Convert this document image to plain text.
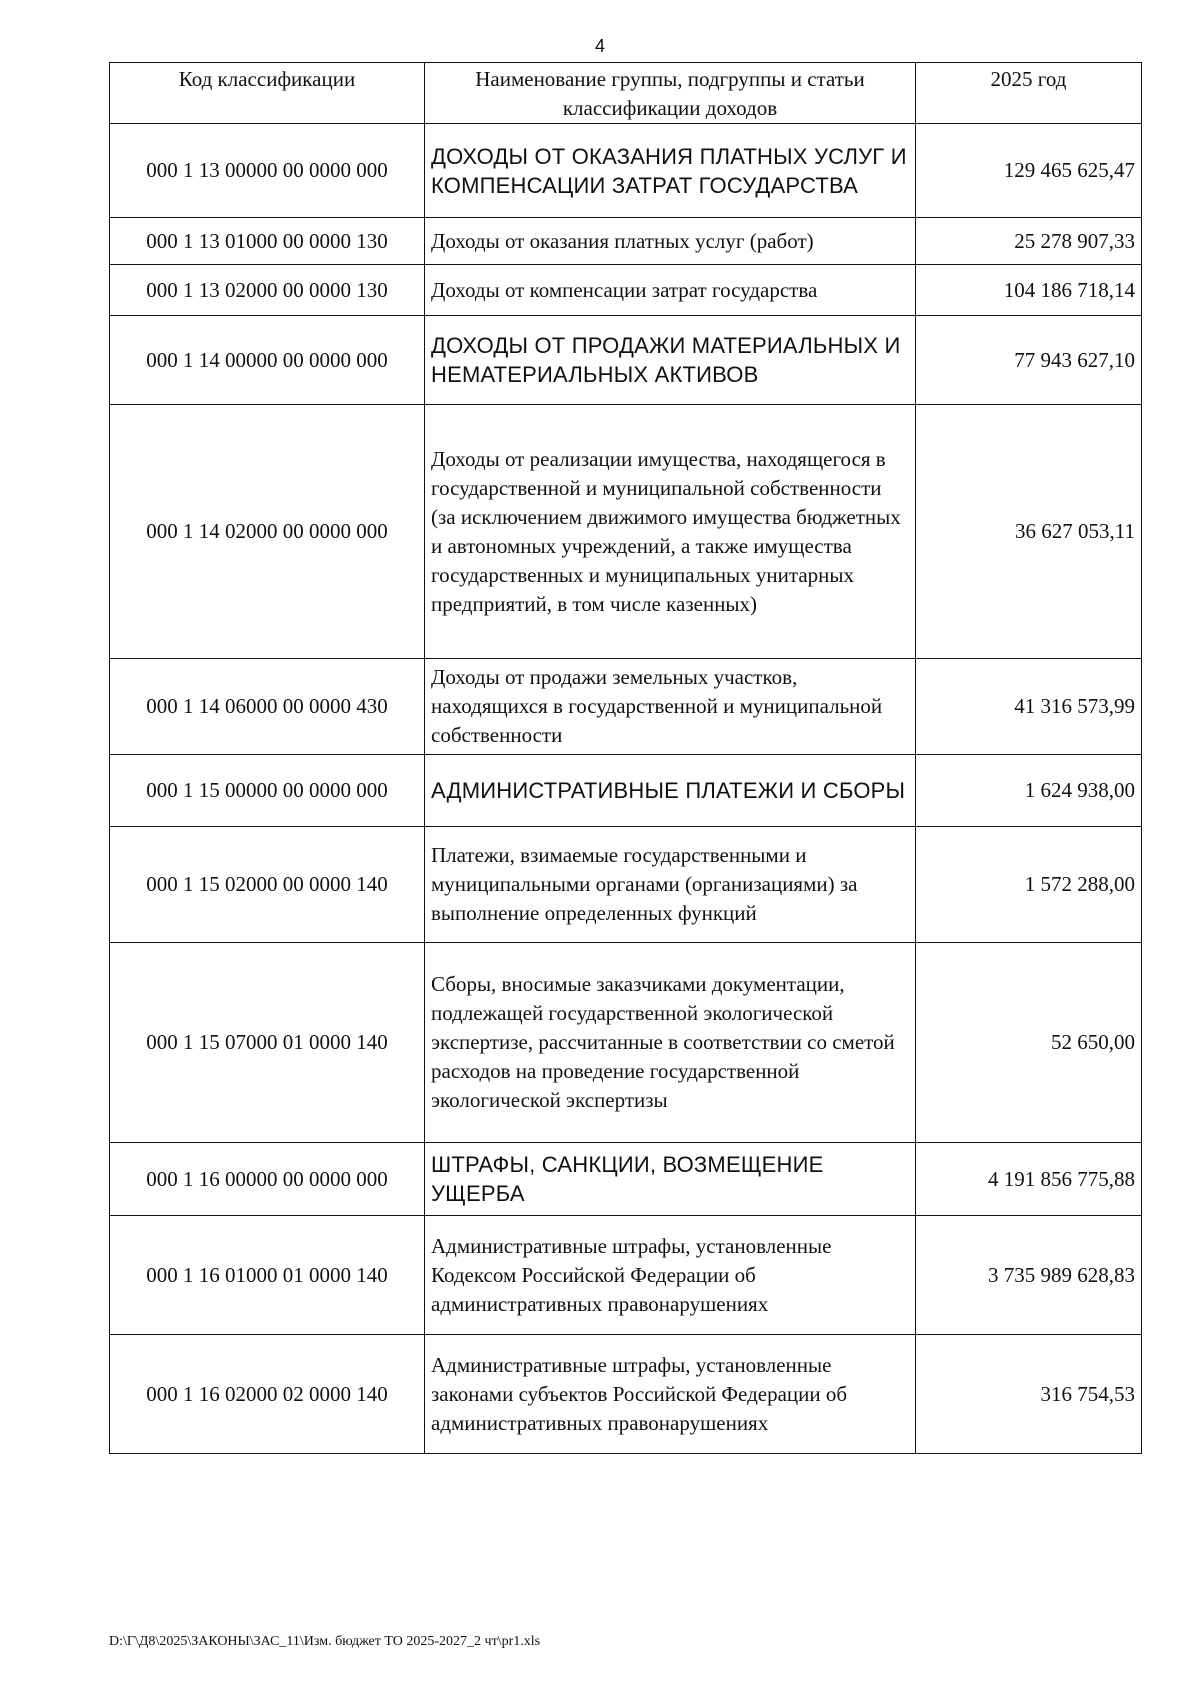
4
Код классификации	Наименование группы, подгруппы и статьи классификации доходов	2025 год
000 1 13 00000 00 0000 000	ДОХОДЫ ОТ ОКАЗАНИЯ ПЛАТНЫХ УСЛУГ И КОМПЕНСАЦИИ ЗАТРАТ ГОСУДАРСТВА	129 465 625,47
000 1 13 01000 00 0000 130	Доходы от оказания платных услуг (работ)	25 278 907,33
000 1 13 02000 00 0000 130	Доходы от компенсации затрат государства	104 186 718,14
000 1 14 00000 00 0000 000	ДОХОДЫ ОТ ПРОДАЖИ МАТЕРИАЛЬНЫХ И НЕМАТЕРИАЛЬНЫХ АКТИВОВ	77 943 627,10
000 1 14 02000 00 0000 000	Доходы от реализации имущества, находящегося в государственной и муниципальной собственности (за исключением движимого имущества бюджетных и автономных учреждений, а также имущества государственных и муниципальных унитарных предприятий, в том числе казенных)	36 627 053,11
000 1 14 06000 00 0000 430	Доходы от продажи земельных участков, находящихся в государственной и муниципальной собственности	41 316 573,99
000 1 15 00000 00 0000 000	АДМИНИСТРАТИВНЫЕ ПЛАТЕЖИ И СБОРЫ	1 624 938,00
000 1 15 02000 00 0000 140	Платежи, взимаемые государственными и муниципальными органами (организациями) за выполнение определенных функций	1 572 288,00
000 1 15 07000 01 0000 140	Сборы, вносимые заказчиками документации, подлежащей государственной экологической экспертизе, рассчитанные в соответствии со сметой расходов на проведение государственной экологической экспертизы	52 650,00
000 1 16 00000 00 0000 000	ШТРАФЫ, САНКЦИИ, ВОЗМЕЩЕНИЕ УЩЕРБА	4 191 856 775,88
000 1 16 01000 01 0000 140	Административные штрафы, установленные Кодексом Российской Федерации об административных правонарушениях	3 735 989 628,83
000 1 16 02000 02 0000 140	Административные штрафы, установленные законами субъектов Российской Федерации об административных правонарушениях	316 754,53
D:\Г\Д8\2025\ЗАКОНЫ\ЗАС_11\Изм. бюджет ТО 2025-2027_2 чт\pr1.xls
